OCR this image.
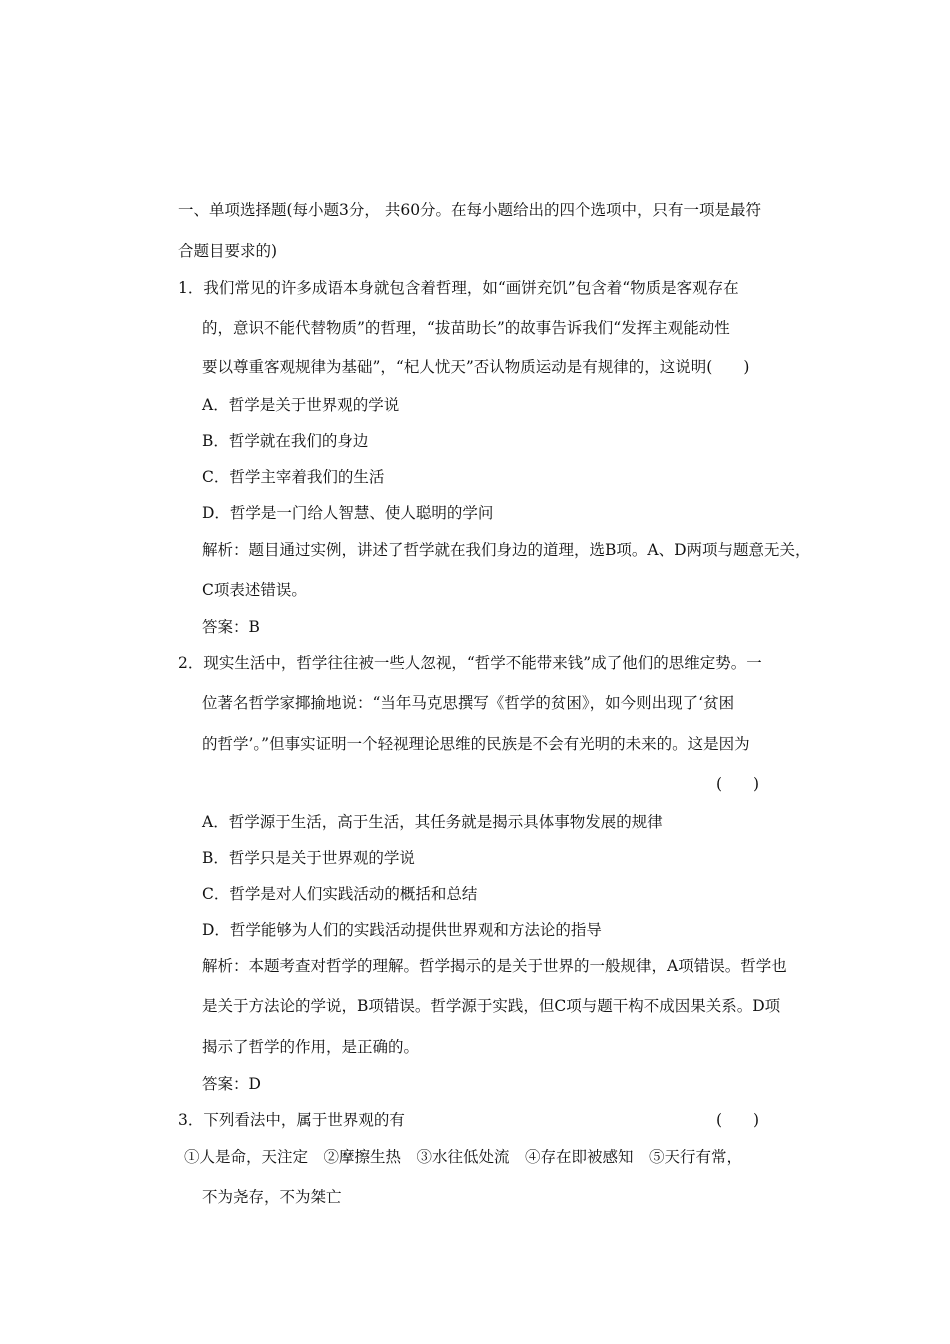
一、单项选择题(每小题3分， 共60分。在每小题给出的四个选项中，只有一项是最符
合题目要求的)
1．我们常见的许多成语本身就包含着哲理，如“画饼充饥”包含着“物质是客观存在
的，意识不能代替物质”的哲理，“拔苗助长”的故事告诉我们“发挥主观能动性
要以尊重客观规律为基础”，“杞人忧天”否认物质运动是有规律的，这说明(　　)
A．哲学是关于世界观的学说
B．哲学就在我们的身边
C．哲学主宰着我们的生活
D．哲学是一门给人智慧、使人聪明的学问
解析：题目通过实例，讲述了哲学就在我们身边的道理，选B项。A、D两项与题意无关，
C项表述错误。
答案：B
2．现实生活中，哲学往往被一些人忽视，“哲学不能带来钱”成了他们的思维定势。一
位著名哲学家揶揄地说：“当年马克思撰写《哲学的贫困》，如今则出现了‘贫困
的哲学’。”但事实证明一个轻视理论思维的民族是不会有光明的未来的。这是因为
(　　)
A．哲学源于生活，高于生活，其任务就是揭示具体事物发展的规律
B．哲学只是关于世界观的学说
C．哲学是对人们实践活动的概括和总结
D．哲学能够为人们的实践活动提供世界观和方法论的指导
解析：本题考查对哲学的理解。哲学揭示的是关于世界的一般规律，A项错误。哲学也
是关于方法论的学说，B项错误。哲学源于实践，但C项与题干构不成因果关系。D项
揭示了哲学的作用，是正确的。
答案：D
3．下列看法中，属于世界观的有	(　　)
①人是命，天注定　②摩擦生热　③水往低处流　④存在即被感知　⑤天行有常，
不为尧存，不为桀亡
